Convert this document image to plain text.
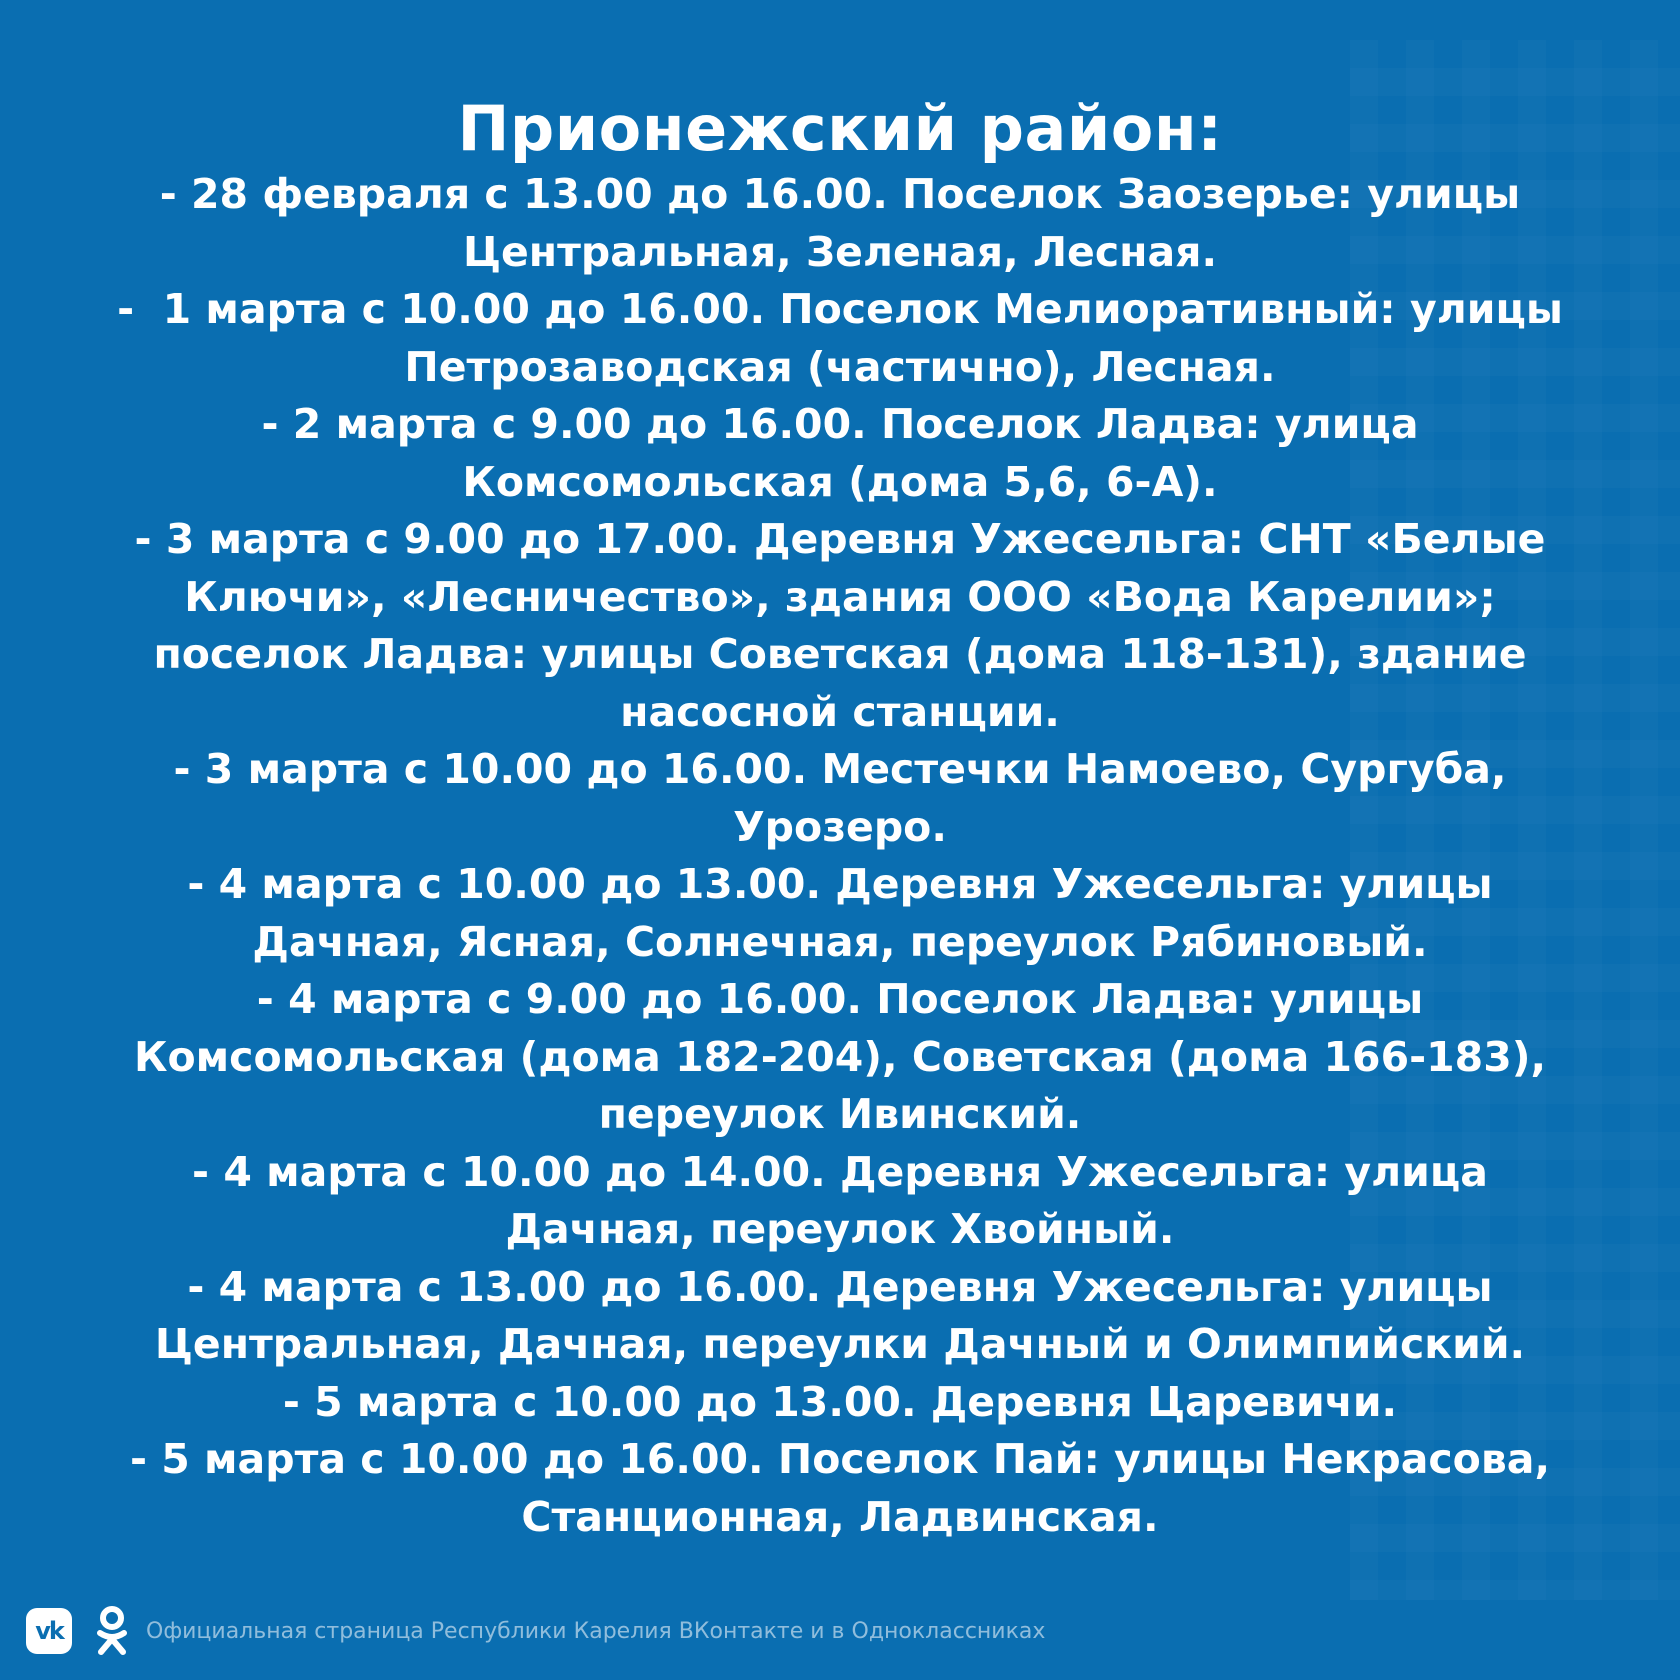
Прионежский район:
- 28 февраля с 13.00 до 16.00. Поселок Заозерье: улицы Центральная, Зеленая, Лесная.
-  1 марта с 10.00 до 16.00. Поселок Мелиоративный: улицы Петрозаводская (частично), Лесная.
- 2 марта с 9.00 до 16.00. Поселок Ладва: улица Комсомольская (дома 5,6, 6-А).
- 3 марта с 9.00 до 17.00. Деревня Ужесельга: СНТ «Белые Ключи», «Лесничество», здания ООО «Вода Карелии»; поселок Ладва: улицы Советская (дома 118-131), здание насосной станции.
- 3 марта с 10.00 до 16.00. Местечки Намоево, Сургуба, Урозеро.
- 4 марта с 10.00 до 13.00. Деревня Ужесельга: улицы Дачная, Ясная, Солнечная, переулок Рябиновый.
- 4 марта с 9.00 до 16.00. Поселок Ладва: улицы Комсомольская (дома 182-204), Советская (дома 166-183), переулок Ивинский.
- 4 марта с 10.00 до 14.00. Деревня Ужесельга: улица Дачная, переулок Хвойный.
- 4 марта с 13.00 до 16.00. Деревня Ужесельга: улицы Центральная, Дачная, переулки Дачный и Олимпийский.
- 5 марта с 10.00 до 13.00. Деревня Царевичи.
- 5 марта с 10.00 до 16.00. Поселок Пай: улицы Некрасова, Станционная, Ладвинская.
vk	Официальная страница Республики Карелия ВКонтакте и в Одноклассниках
